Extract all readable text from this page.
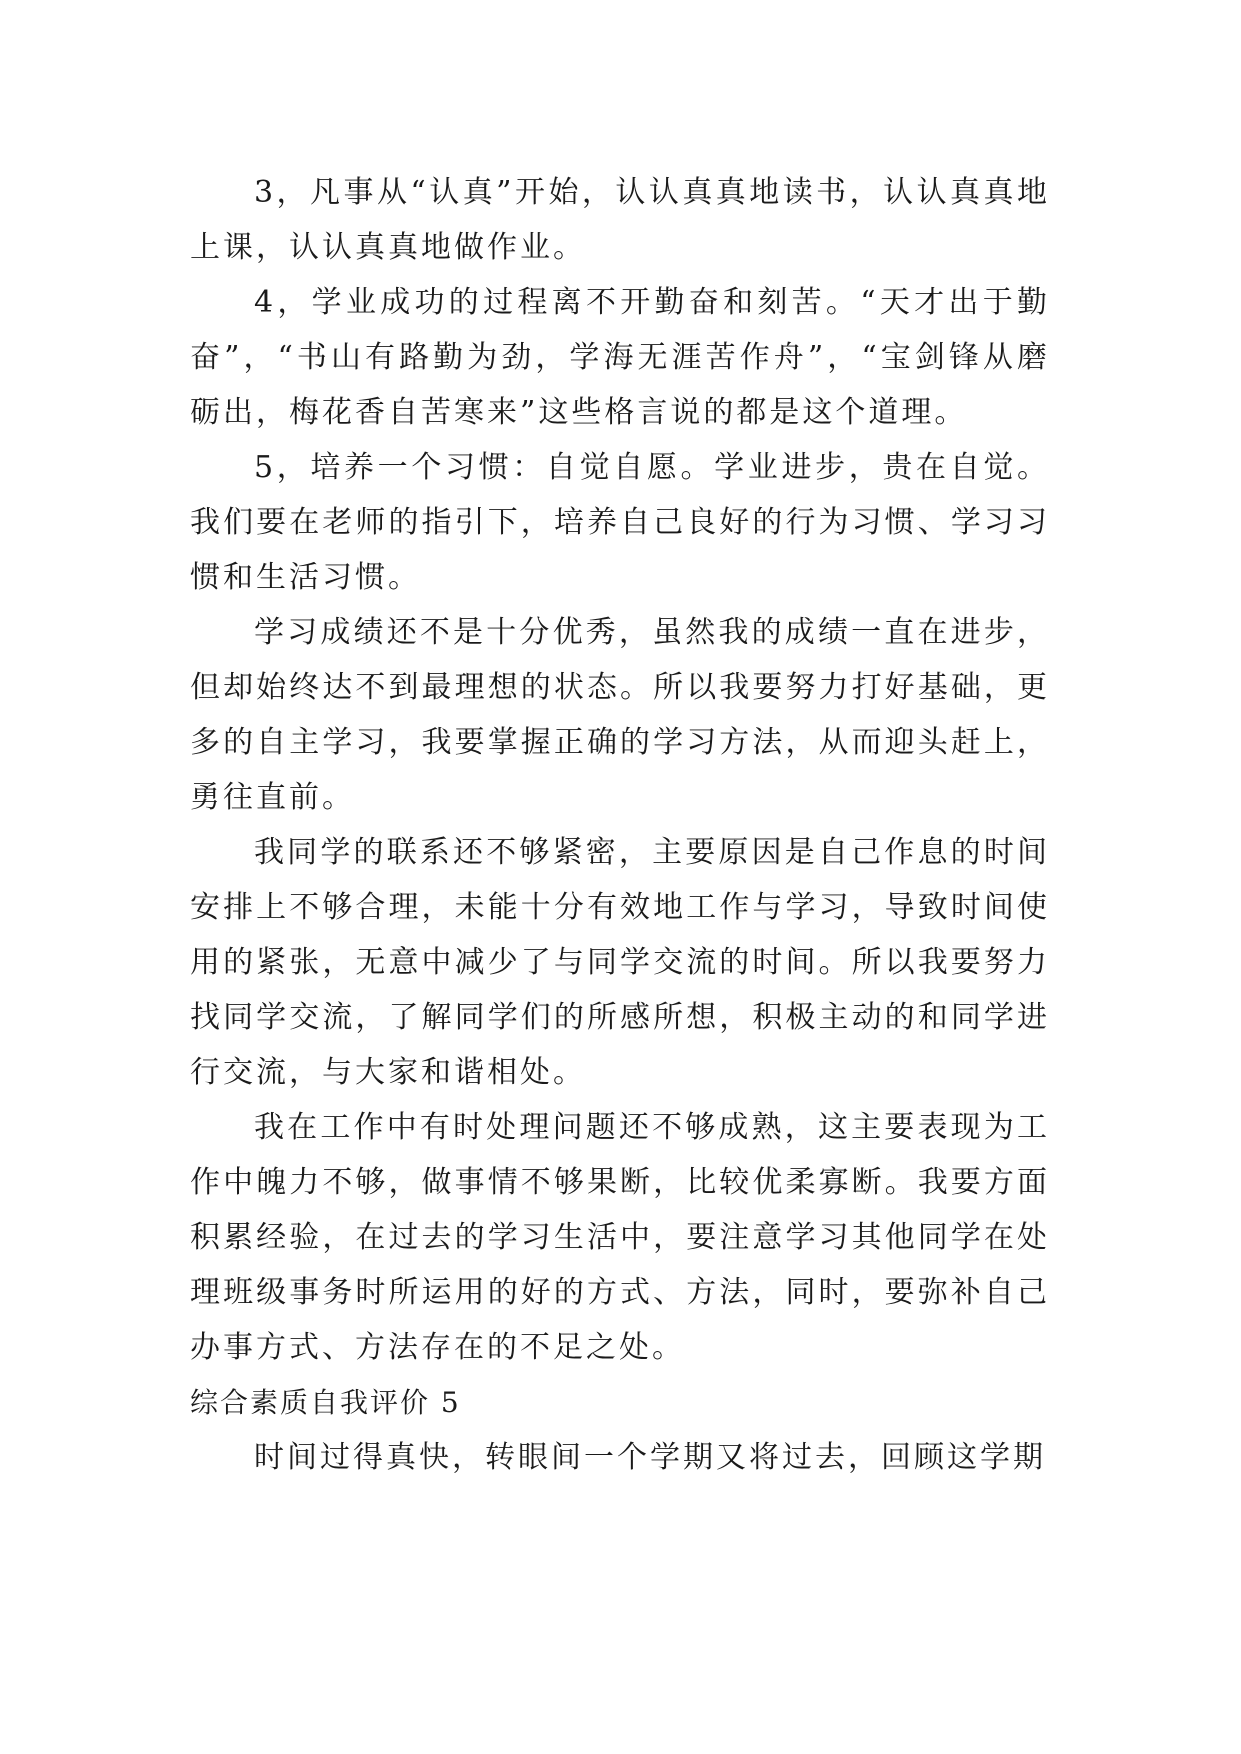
3，凡事从“认真”开始，认认真真地读书，认认真真地上课，认认真真地做作业。

4，学业成功的过程离不开勤奋和刻苦。“天才出于勤奋”，“书山有路勤为劲，学海无涯苦作舟”，“宝剑锋从磨砺出，梅花香自苦寒来”这些格言说的都是这个道理。

5，培养一个习惯：自觉自愿。学业进步，贵在自觉。我们要在老师的指引下，培养自己良好的行为习惯、学习习惯和生活习惯。

学习成绩还不是十分优秀，虽然我的成绩一直在进步，但却始终达不到最理想的状态。所以我要努力打好基础，更多的自主学习，我要掌握正确的学习方法，从而迎头赶上，勇往直前。

我同学的联系还不够紧密，主要原因是自己作息的时间安排上不够合理，未能十分有效地工作与学习，导致时间使用的紧张，无意中减少了与同学交流的时间。所以我要努力找同学交流，了解同学们的所感所想，积极主动的和同学进行交流，与大家和谐相处。

我在工作中有时处理问题还不够成熟，这主要表现为工作中魄力不够，做事情不够果断，比较优柔寡断。我要方面积累经验，在过去的学习生活中，要注意学习其他同学在处理班级事务时所运用的好的方式、方法，同时，要弥补自己办事方式、方法存在的不足之处。

综合素质自我评价 5

时间过得真快，转眼间一个学期又将过去，回顾这学期
